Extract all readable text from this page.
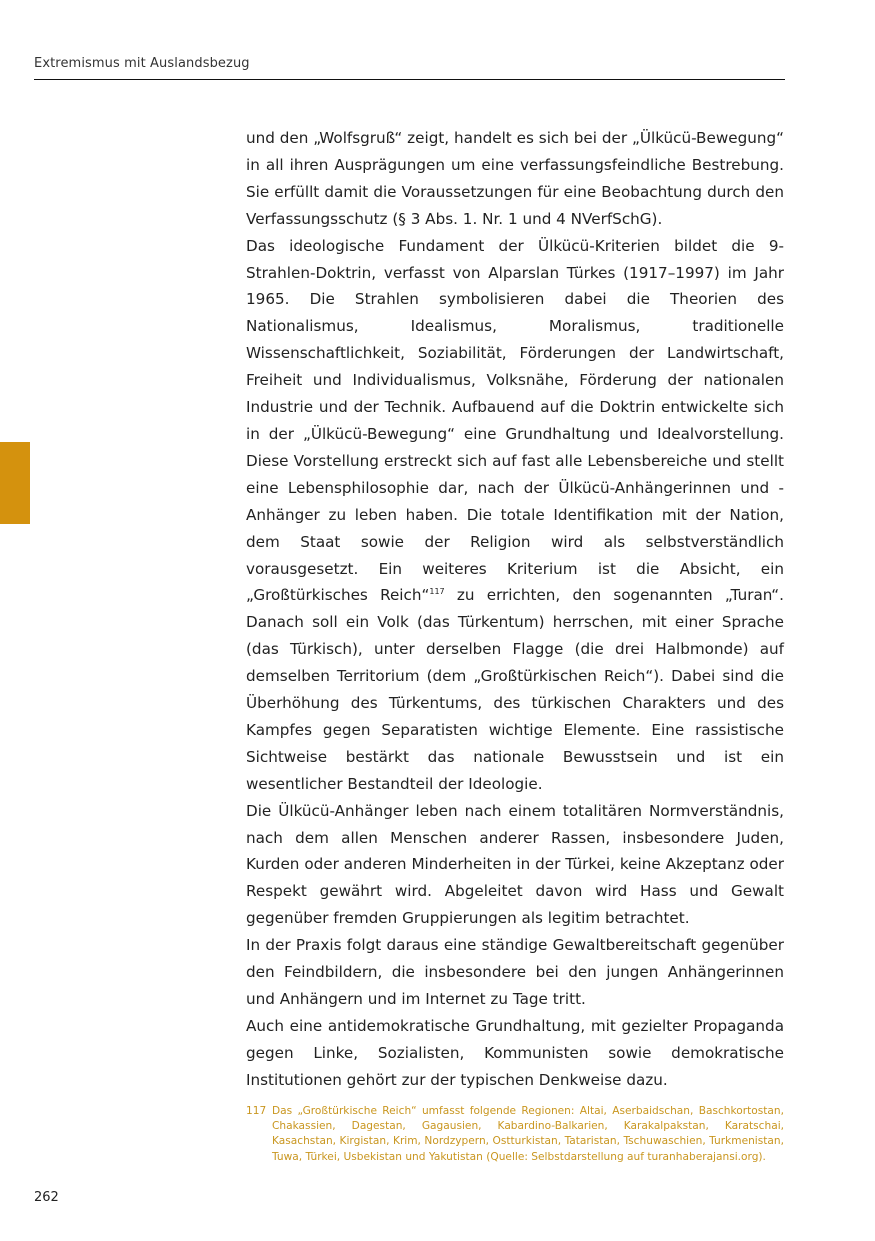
Extremismus mit Auslandsbezug

und den „Wolfsgruß“ zeigt, handelt es sich bei der „Ülkücü-Bewegung“ in all ihren Ausprägungen um eine verfassungsfeindliche Bestrebung. Sie erfüllt damit die Voraussetzungen für eine Beobachtung durch den Verfassungsschutz (§ 3 Abs. 1. Nr. 1 und 4 NVerfSchG).

Das ideologische Fundament der Ülkücü-Kriterien bildet die 9-Strahlen-Doktrin, verfasst von Alparslan Türkes (1917–1997) im Jahr 1965. Die Strahlen symbolisieren dabei die Theorien des Nationalismus, Idealismus, Moralismus, traditionelle Wissenschaftlichkeit, Soziabilität, Förderungen der Landwirtschaft, Freiheit und Individualismus, Volksnähe, Förderung der nationalen Industrie und der Technik. Aufbauend auf die Doktrin entwickelte sich in der „Ülkücü-Bewegung“ eine Grundhaltung und Idealvorstellung. Diese Vorstellung erstreckt sich auf fast alle Lebensbereiche und stellt eine Lebensphilosophie dar, nach der Ülkücü-Anhängerinnen und -Anhänger zu leben haben. Die totale Identifikation mit der Nation, dem Staat sowie der Religion wird als selbstverständlich vorausgesetzt. Ein weiteres Kriterium ist die Absicht, ein „Großtürkisches Reich“$^{117}$ zu errichten, den sogenannten „Turan“. Danach soll ein Volk (das Türkentum) herrschen, mit einer Sprache (das Türkisch), unter derselben Flagge (die drei Halbmonde) auf demselben Territorium (dem „Großtürkischen Reich“). Dabei sind die Überhöhung des Türkentums, des türkischen Charakters und des Kampfes gegen Separatisten wichtige Elemente. Eine rassistische Sichtweise bestärkt das nationale Bewusstsein und ist ein wesentlicher Bestandteil der Ideologie.

Die Ülkücü-Anhänger leben nach einem totalitären Normverständnis, nach dem allen Menschen anderer Rassen, insbesondere Juden, Kurden oder anderen Minderheiten in der Türkei, keine Akzeptanz oder Respekt gewährt wird. Abgeleitet davon wird Hass und Gewalt gegenüber fremden Gruppierungen als legitim betrachtet.

In der Praxis folgt daraus eine ständige Gewaltbereitschaft gegenüber den Feindbildern, die insbesondere bei den jungen Anhängerinnen und Anhängern und im Internet zu Tage tritt.

Auch eine antidemokratische Grundhaltung, mit gezielter Propaganda gegen Linke, Sozialisten, Kommunisten sowie demokratische Institutionen gehört zur der typischen Denkweise dazu.

117 Das „Großtürkische Reich“ umfasst folgende Regionen: Altai, Aserbaidschan, Baschkortostan, Chakassien, Dagestan, Gagausien, Kabardino-Balkarien, Karakalpakstan, Karatschai, Kasachstan, Kirgistan, Krim, Nordzypern, Ostturkistan, Tataristan, Tschuwaschien, Turkmenistan, Tuwa, Türkei, Usbekistan und Yakutistan (Quelle: Selbstdarstellung auf turanhaberajansi.org).
262
